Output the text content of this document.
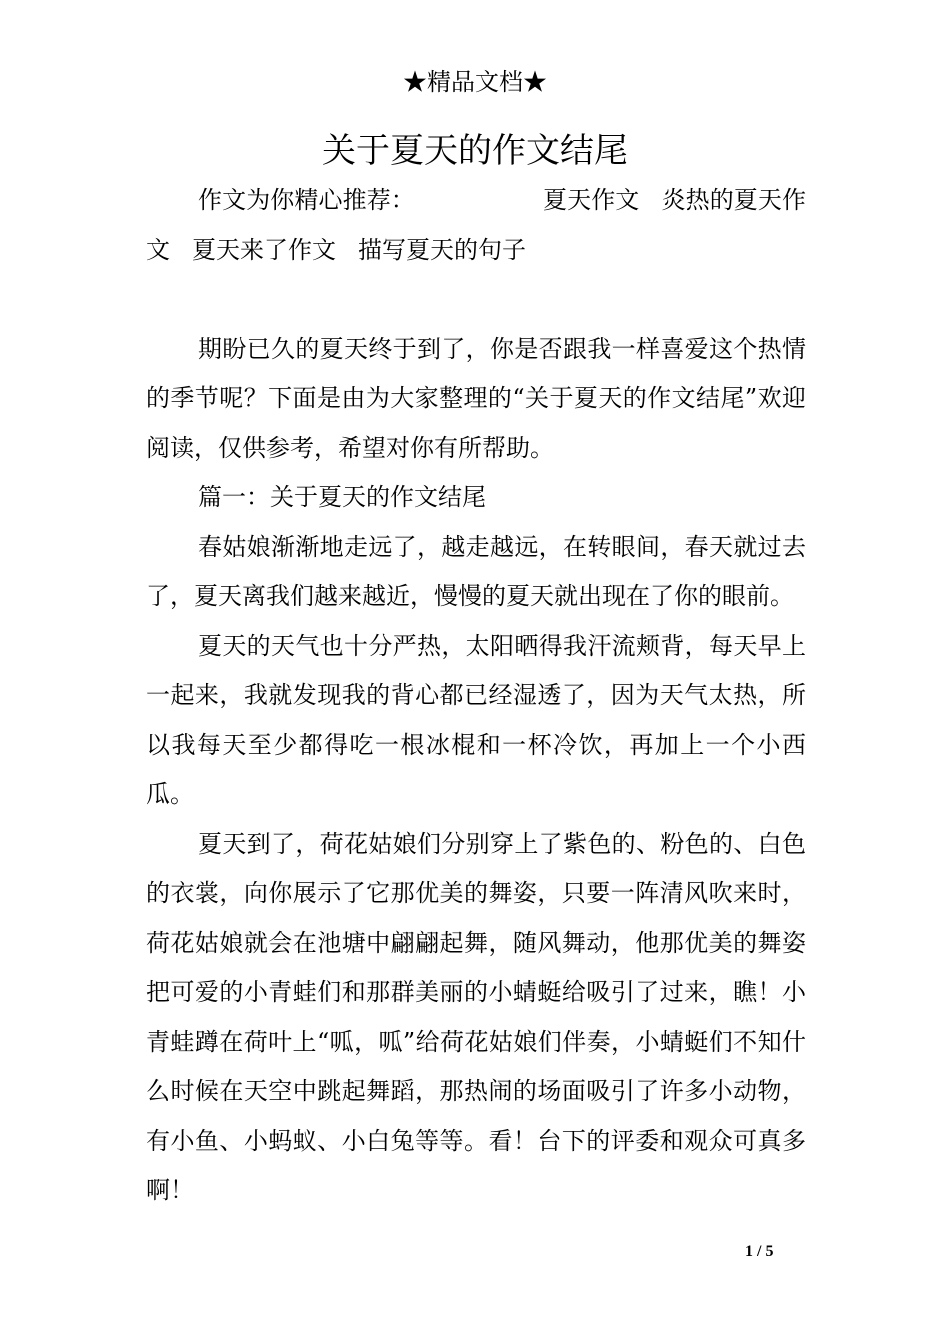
★精品文档★
关于夏天的作文结尾

作文为你精心推荐：	夏天作文 炎热的夏天作文 夏天来了作文 描写夏天的句子

期盼已久的夏天终于到了，你是否跟我一样喜爱这个热情的季节呢？下面是由为大家整理的“关于夏天的作文结尾”欢迎阅读，仅供参考，希望对你有所帮助。

篇一：关于夏天的作文结尾

春姑娘渐渐地走远了，越走越远，在转眼间，春天就过去了，夏天离我们越来越近，慢慢的夏天就出现在了你的眼前。

夏天的天气也十分严热，太阳晒得我汗流颊背，每天早上一起来，我就发现我的背心都已经湿透了，因为天气太热，所以我每天至少都得吃一根冰棍和一杯冷饮，再加上一个小西瓜。

夏天到了，荷花姑娘们分别穿上了紫色的、粉色的、白色的衣裳，向你展示了它那优美的舞姿，只要一阵清风吹来时，荷花姑娘就会在池塘中翩翩起舞，随风舞动，他那优美的舞姿把可爱的小青蛙们和那群美丽的小蜻蜓给吸引了过来，瞧！小青蛙蹲在荷叶上“呱，呱”给荷花姑娘们伴奏，小蜻蜓们不知什么时候在天空中跳起舞蹈，那热闹的场面吸引了许多小动物，有小鱼、小蚂蚁、小白兔等等。看！台下的评委和观众可真多啊！

1 / 5
